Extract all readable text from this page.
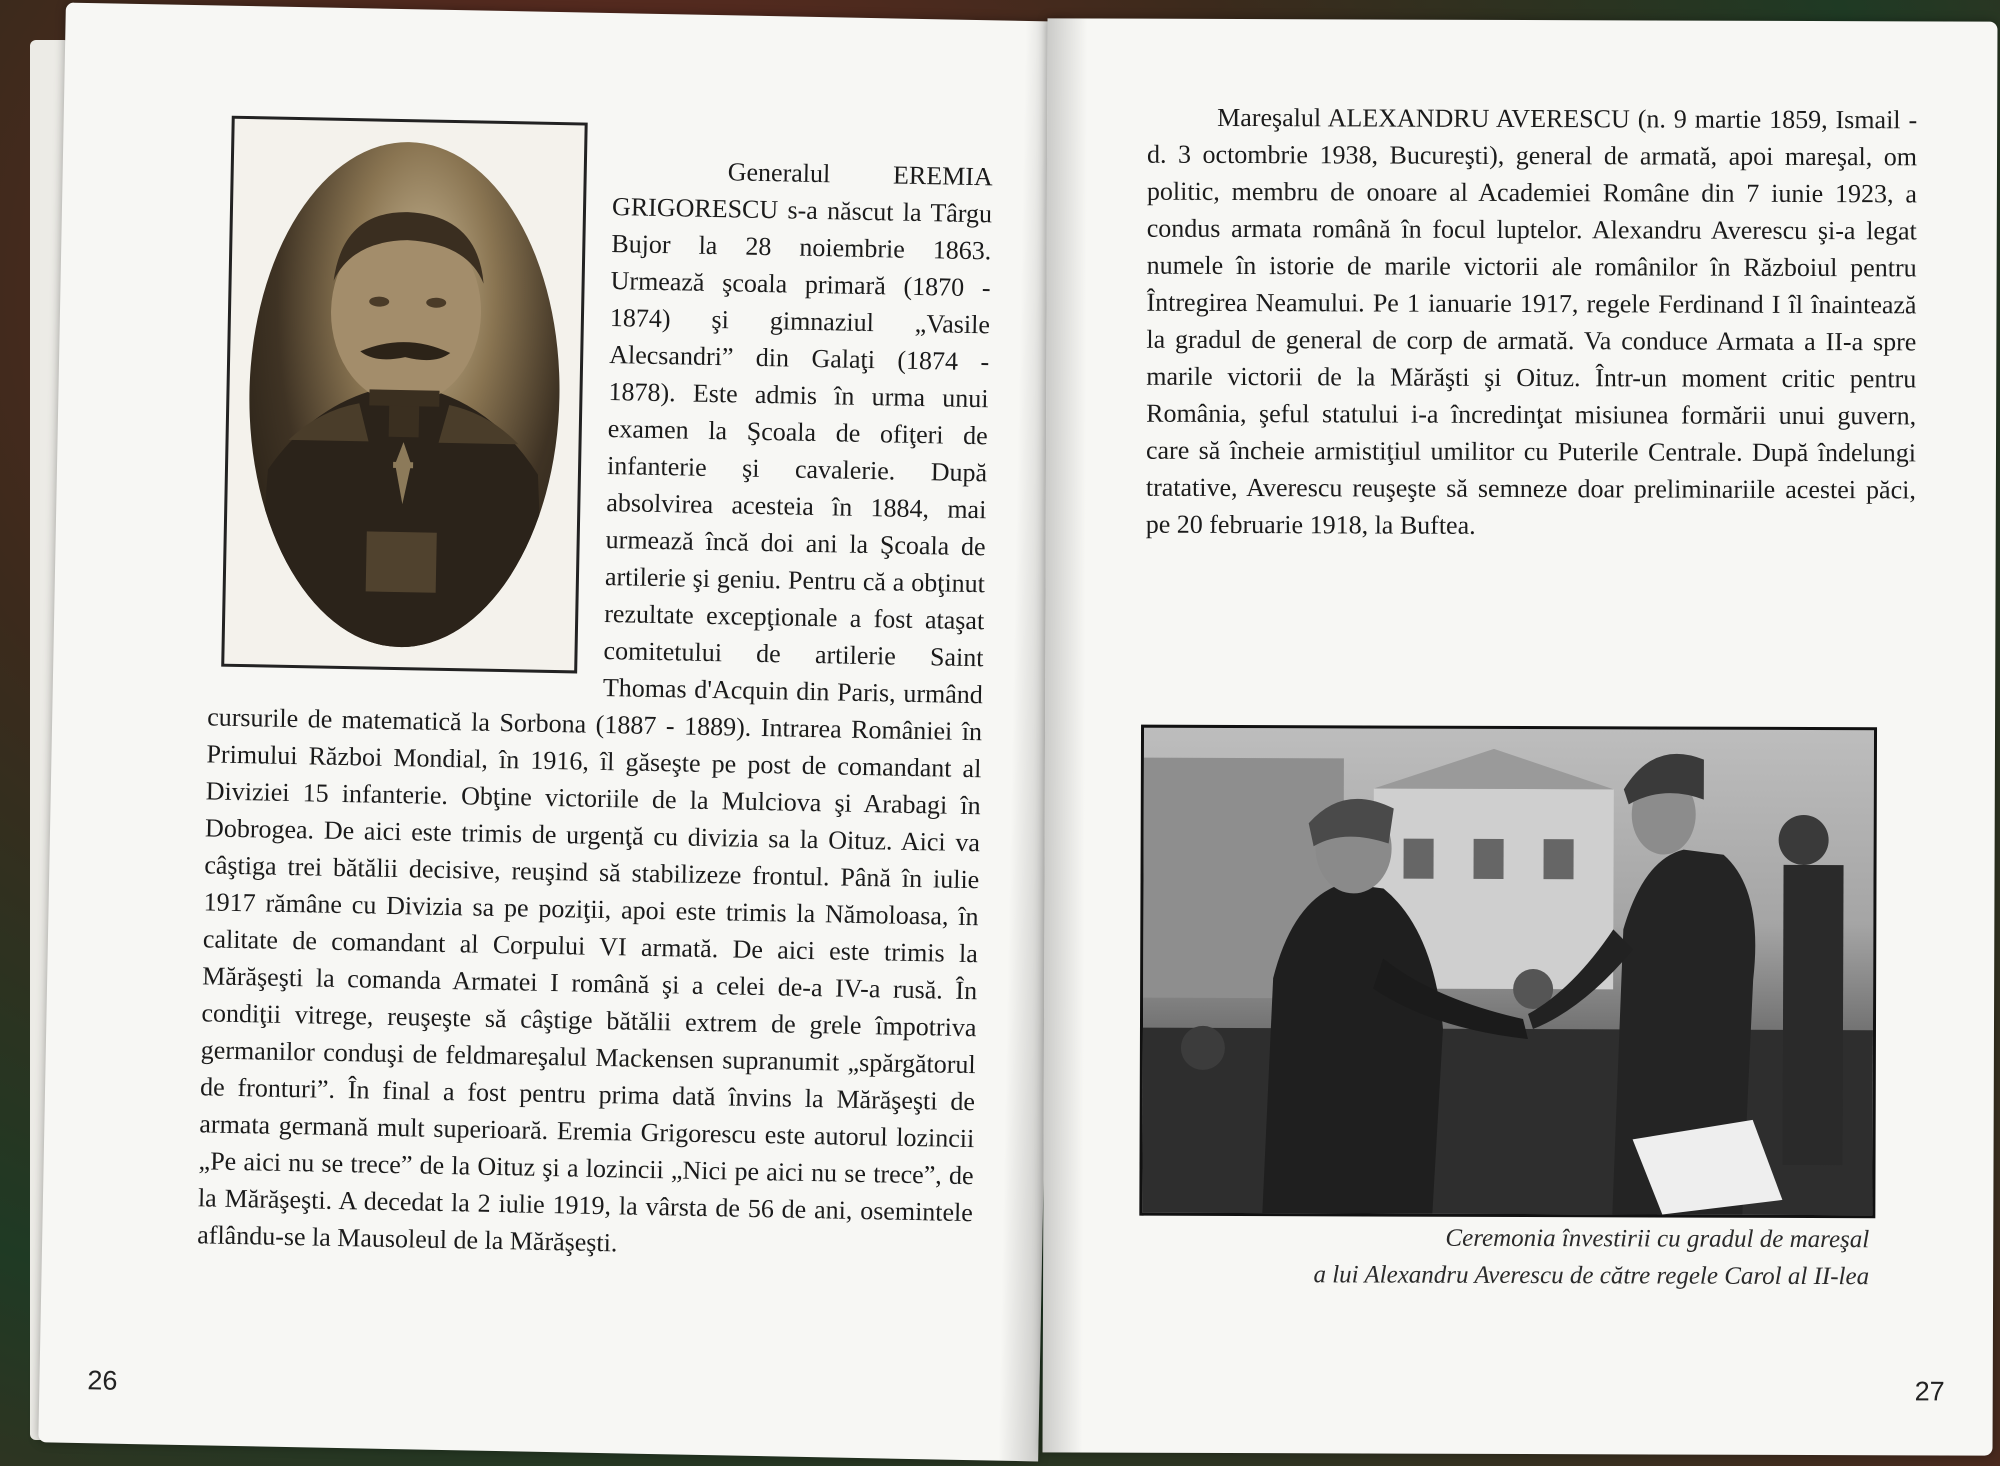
Generalul EREMIA GRIGORESCU s-a născut la Târgu Bujor la 28 noiembrie 1863. Urmează şcoala primară (1870 - 1874) şi gimnaziul „Vasile Alecsandri” din Galaţi (1874 - 1878). Este admis în urma unui examen la Şcoala de ofiţeri de infanterie şi cavalerie. După absolvirea acesteia în 1884, mai urmează încă doi ani la Şcoala de artilerie şi geniu. Pentru că a obţinut rezultate excepţionale a fost ataşat comitetului de artilerie Saint Thomas d'Acquin din Paris, urmând cursurile de matematică la Sorbona (1887 - 1889). Intrarea României în Primului Război Mondial, în 1916, îl găseşte pe post de comandant al Diviziei 15 infanterie. Obţine victoriile de la Mulciova şi Arabagi în Dobrogea. De aici este trimis de urgenţă cu divizia sa la Oituz. Aici va câştiga trei bătălii decisive, reuşind să stabilizeze frontul. Până în iulie 1917 rămâne cu Divizia sa pe poziţii, apoi este trimis la Nămoloasa, în calitate de comandant al Corpului VI armată. De aici este trimis la Mărăşeşti la comanda Armatei I română şi a celei de-a IV-a rusă. În condiţii vitrege, reuşeşte să câştige bătălii extrem de grele împotriva germanilor conduşi de feldmareşalul Mackensen supranumit „spărgătorul de fronturi”. În final a fost pentru prima dată învins la Mărăşeşti de armata germană mult superioară. Eremia Grigorescu este autorul lozincii „Pe aici nu se trece” de la Oituz şi a lozincii „Nici pe aici nu se trece”, de la Mărăşeşti. A decedat la 2 iulie 1919, la vârsta de 56 de ani, osemintele aflându-se la Mausoleul de la Mărăşeşti.

26

Mareşalul ALEXANDRU AVERESCU (n. 9 martie 1859, Ismail - d. 3 octombrie 1938, Bucureşti), general de armată, apoi mareşal, om politic, membru de onoare al Academiei Române din 7 iunie 1923, a condus armata română în focul luptelor. Alexandru Averescu şi-a legat numele în istorie de marile victorii ale românilor în Războiul pentru Întregirea Neamului. Pe 1 ianuarie 1917, regele Ferdinand I îl înaintează la gradul de general de corp de armată. Va conduce Armata a II-a spre marile victorii de la Mărăşti şi Oituz. Într-un moment critic pentru România, şeful statului i-a încredinţat misiunea formării unui guvern, care să încheie armistiţiul umilitor cu Puterile Centrale. După îndelungi tratative, Averescu reuşeşte să semneze doar preliminariile acestei păci, pe 20 februarie 1918, la Buftea.

Ceremonia învestirii cu gradul de mareşal
a lui Alexandru Averescu de către regele Carol al II-lea
27
